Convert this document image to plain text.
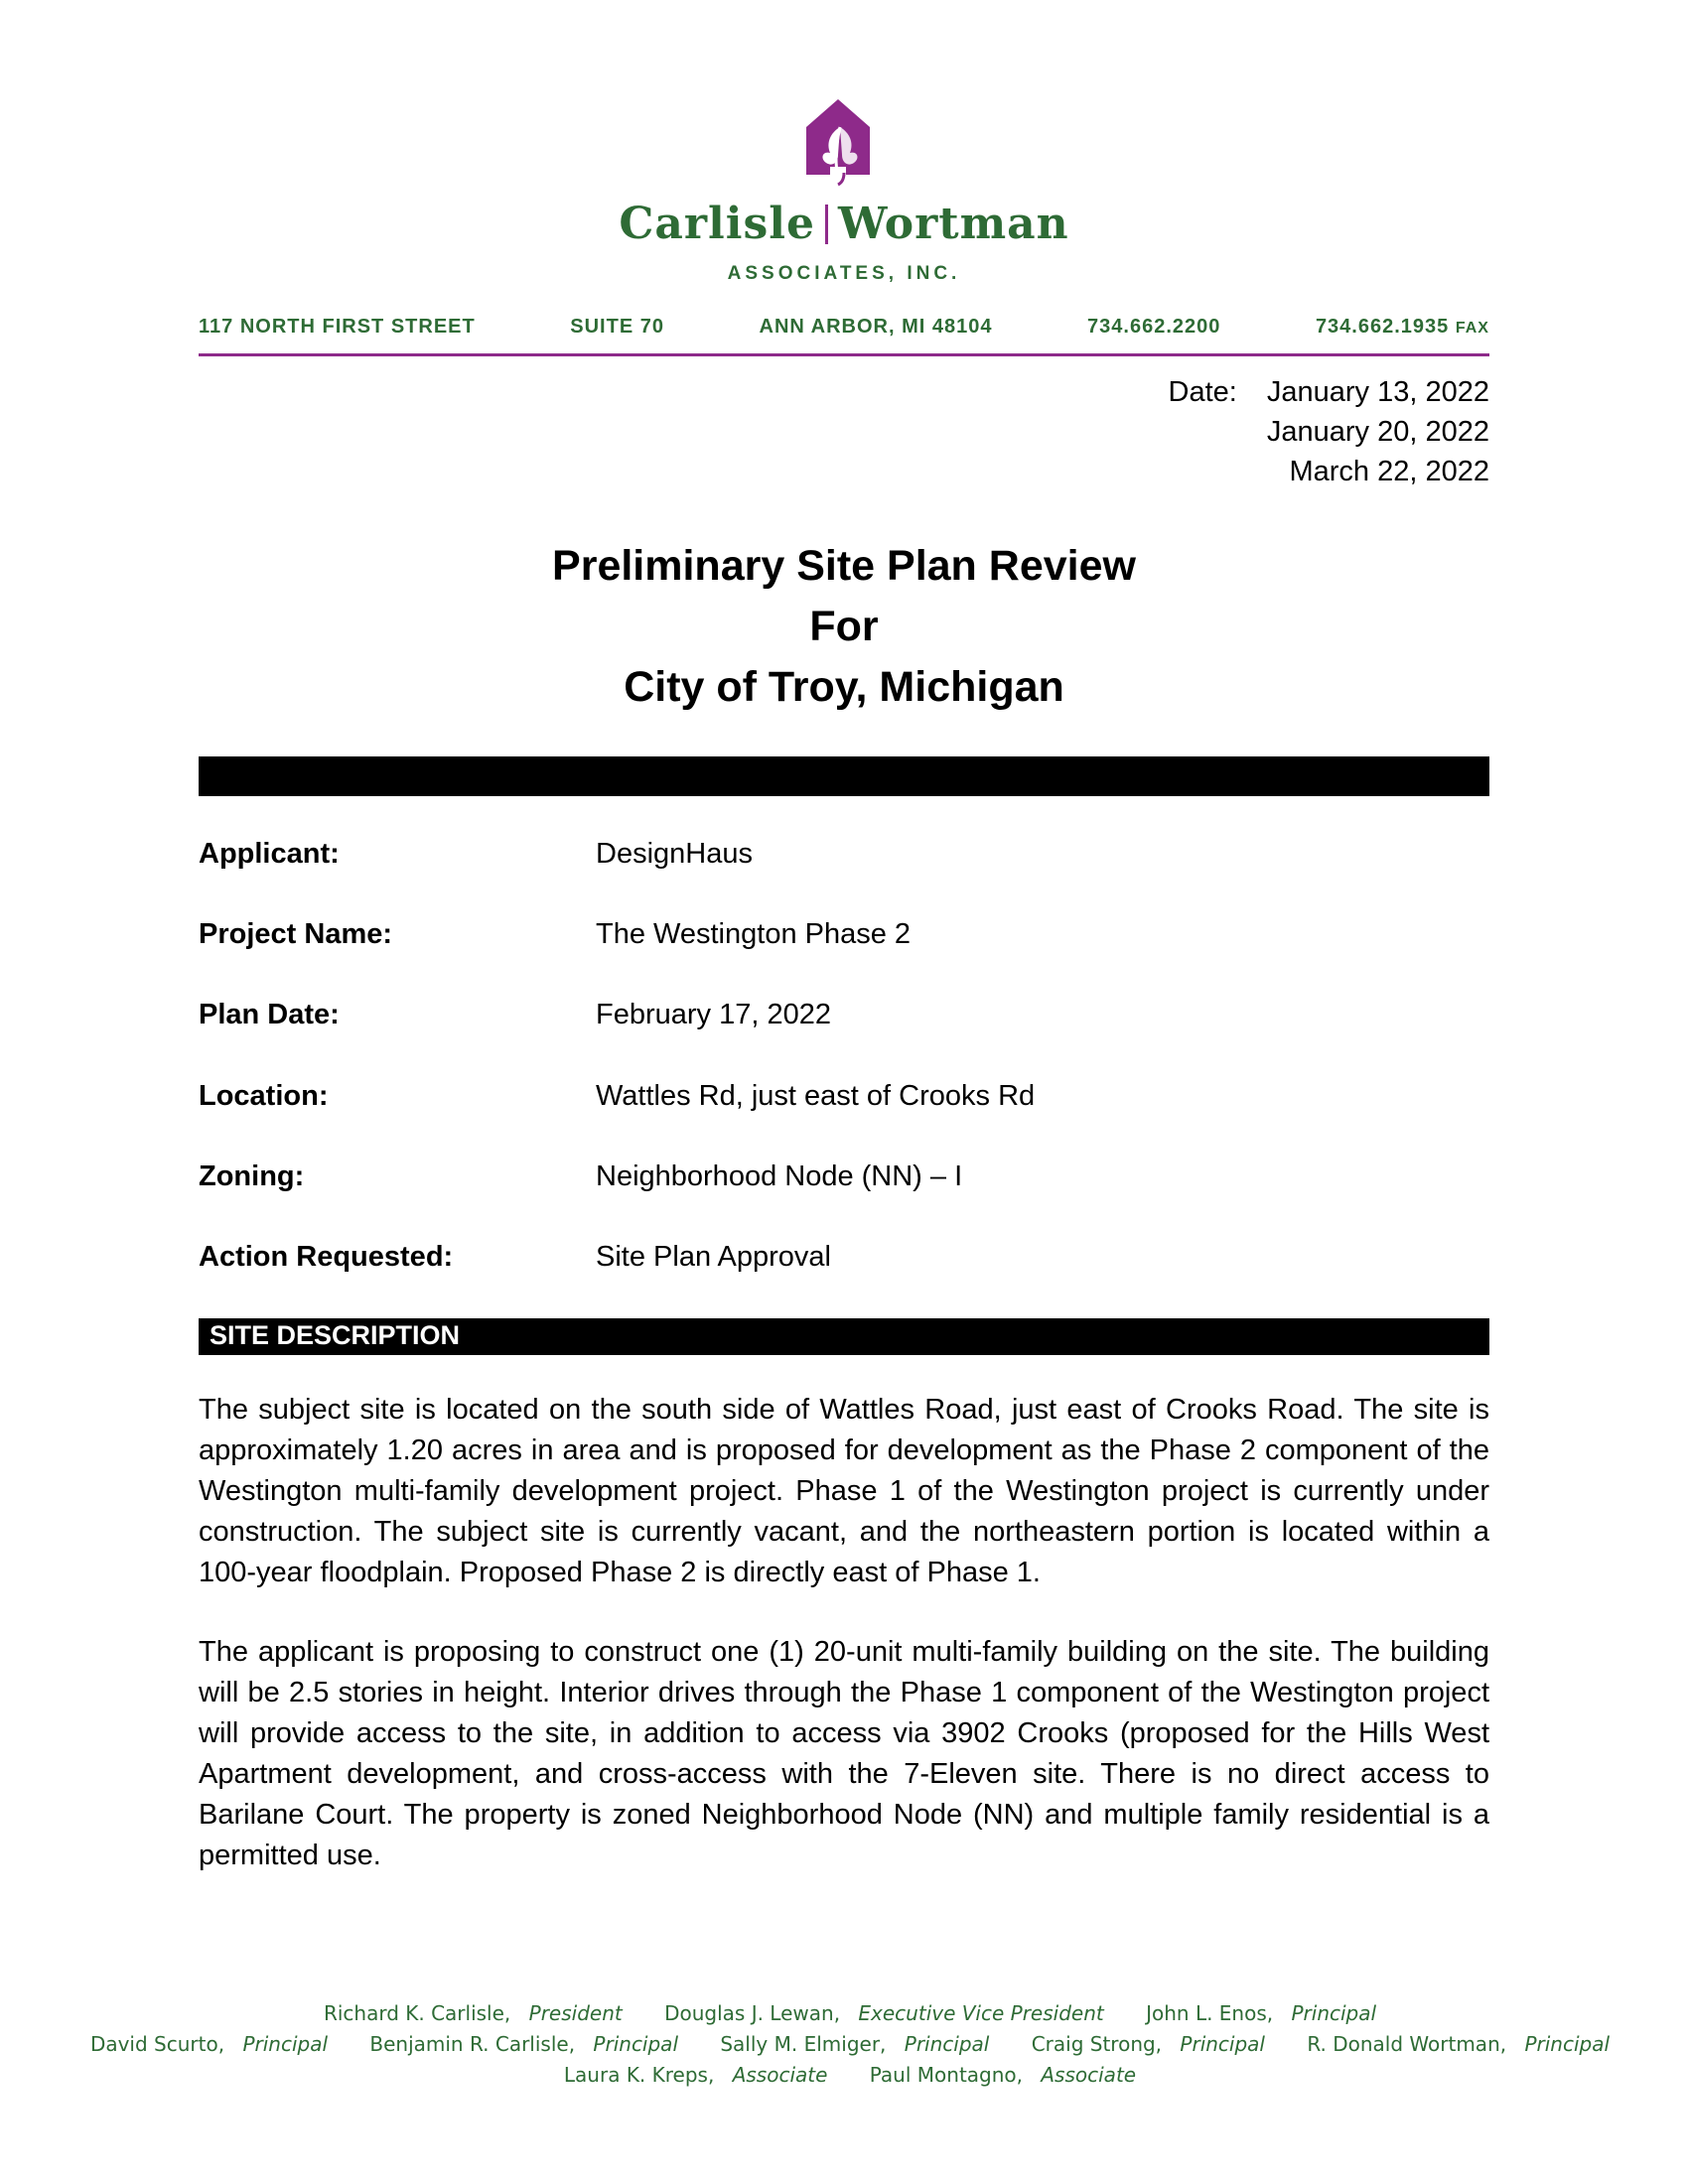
Carlisle Wortman
ASSOCIATES, INC.
117 NORTH FIRST STREET	SUITE 70	ANN ARBOR, MI 48104	734.662.2200	734.662.1935 FAX
Date: January 13, 2022
January 20, 2022
March 22, 2022
Preliminary Site Plan Review
For
City of Troy, Michigan
Applicant:	DesignHaus
Project Name:	The Westington Phase 2
Plan Date:	February 17, 2022
Location:	Wattles Rd, just east of Crooks Rd
Zoning:	Neighborhood Node (NN) – I
Action Requested:	Site Plan Approval
SITE DESCRIPTION
The subject site is located on the south side of Wattles Road, just east of Crooks Road. The site is approximately 1.20 acres in area and is proposed for development as the Phase 2 component of the Westington multi-family development project. Phase 1 of the Westington project is currently under construction. The subject site is currently vacant, and the northeastern portion is located within a 100-year floodplain. Proposed Phase 2 is directly east of Phase 1.
The applicant is proposing to construct one (1) 20-unit multi-family building on the site. The building will be 2.5 stories in height. Interior drives through the Phase 1 component of the Westington project will provide access to the site, in addition to access via 3902 Crooks (proposed for the Hills West Apartment development, and cross-access with the 7-Eleven site. There is no direct access to Barilane Court. The property is zoned Neighborhood Node (NN) and multiple family residential is a permitted use.
Richard K. Carlisle, President Douglas J. Lewan, Executive Vice President John L. Enos, Principal
David Scurto, Principal Benjamin R. Carlisle, Principal Sally M. Elmiger, Principal Craig Strong, Principal R. Donald Wortman, Principal
Laura K. Kreps, Associate Paul Montagno, Associate
